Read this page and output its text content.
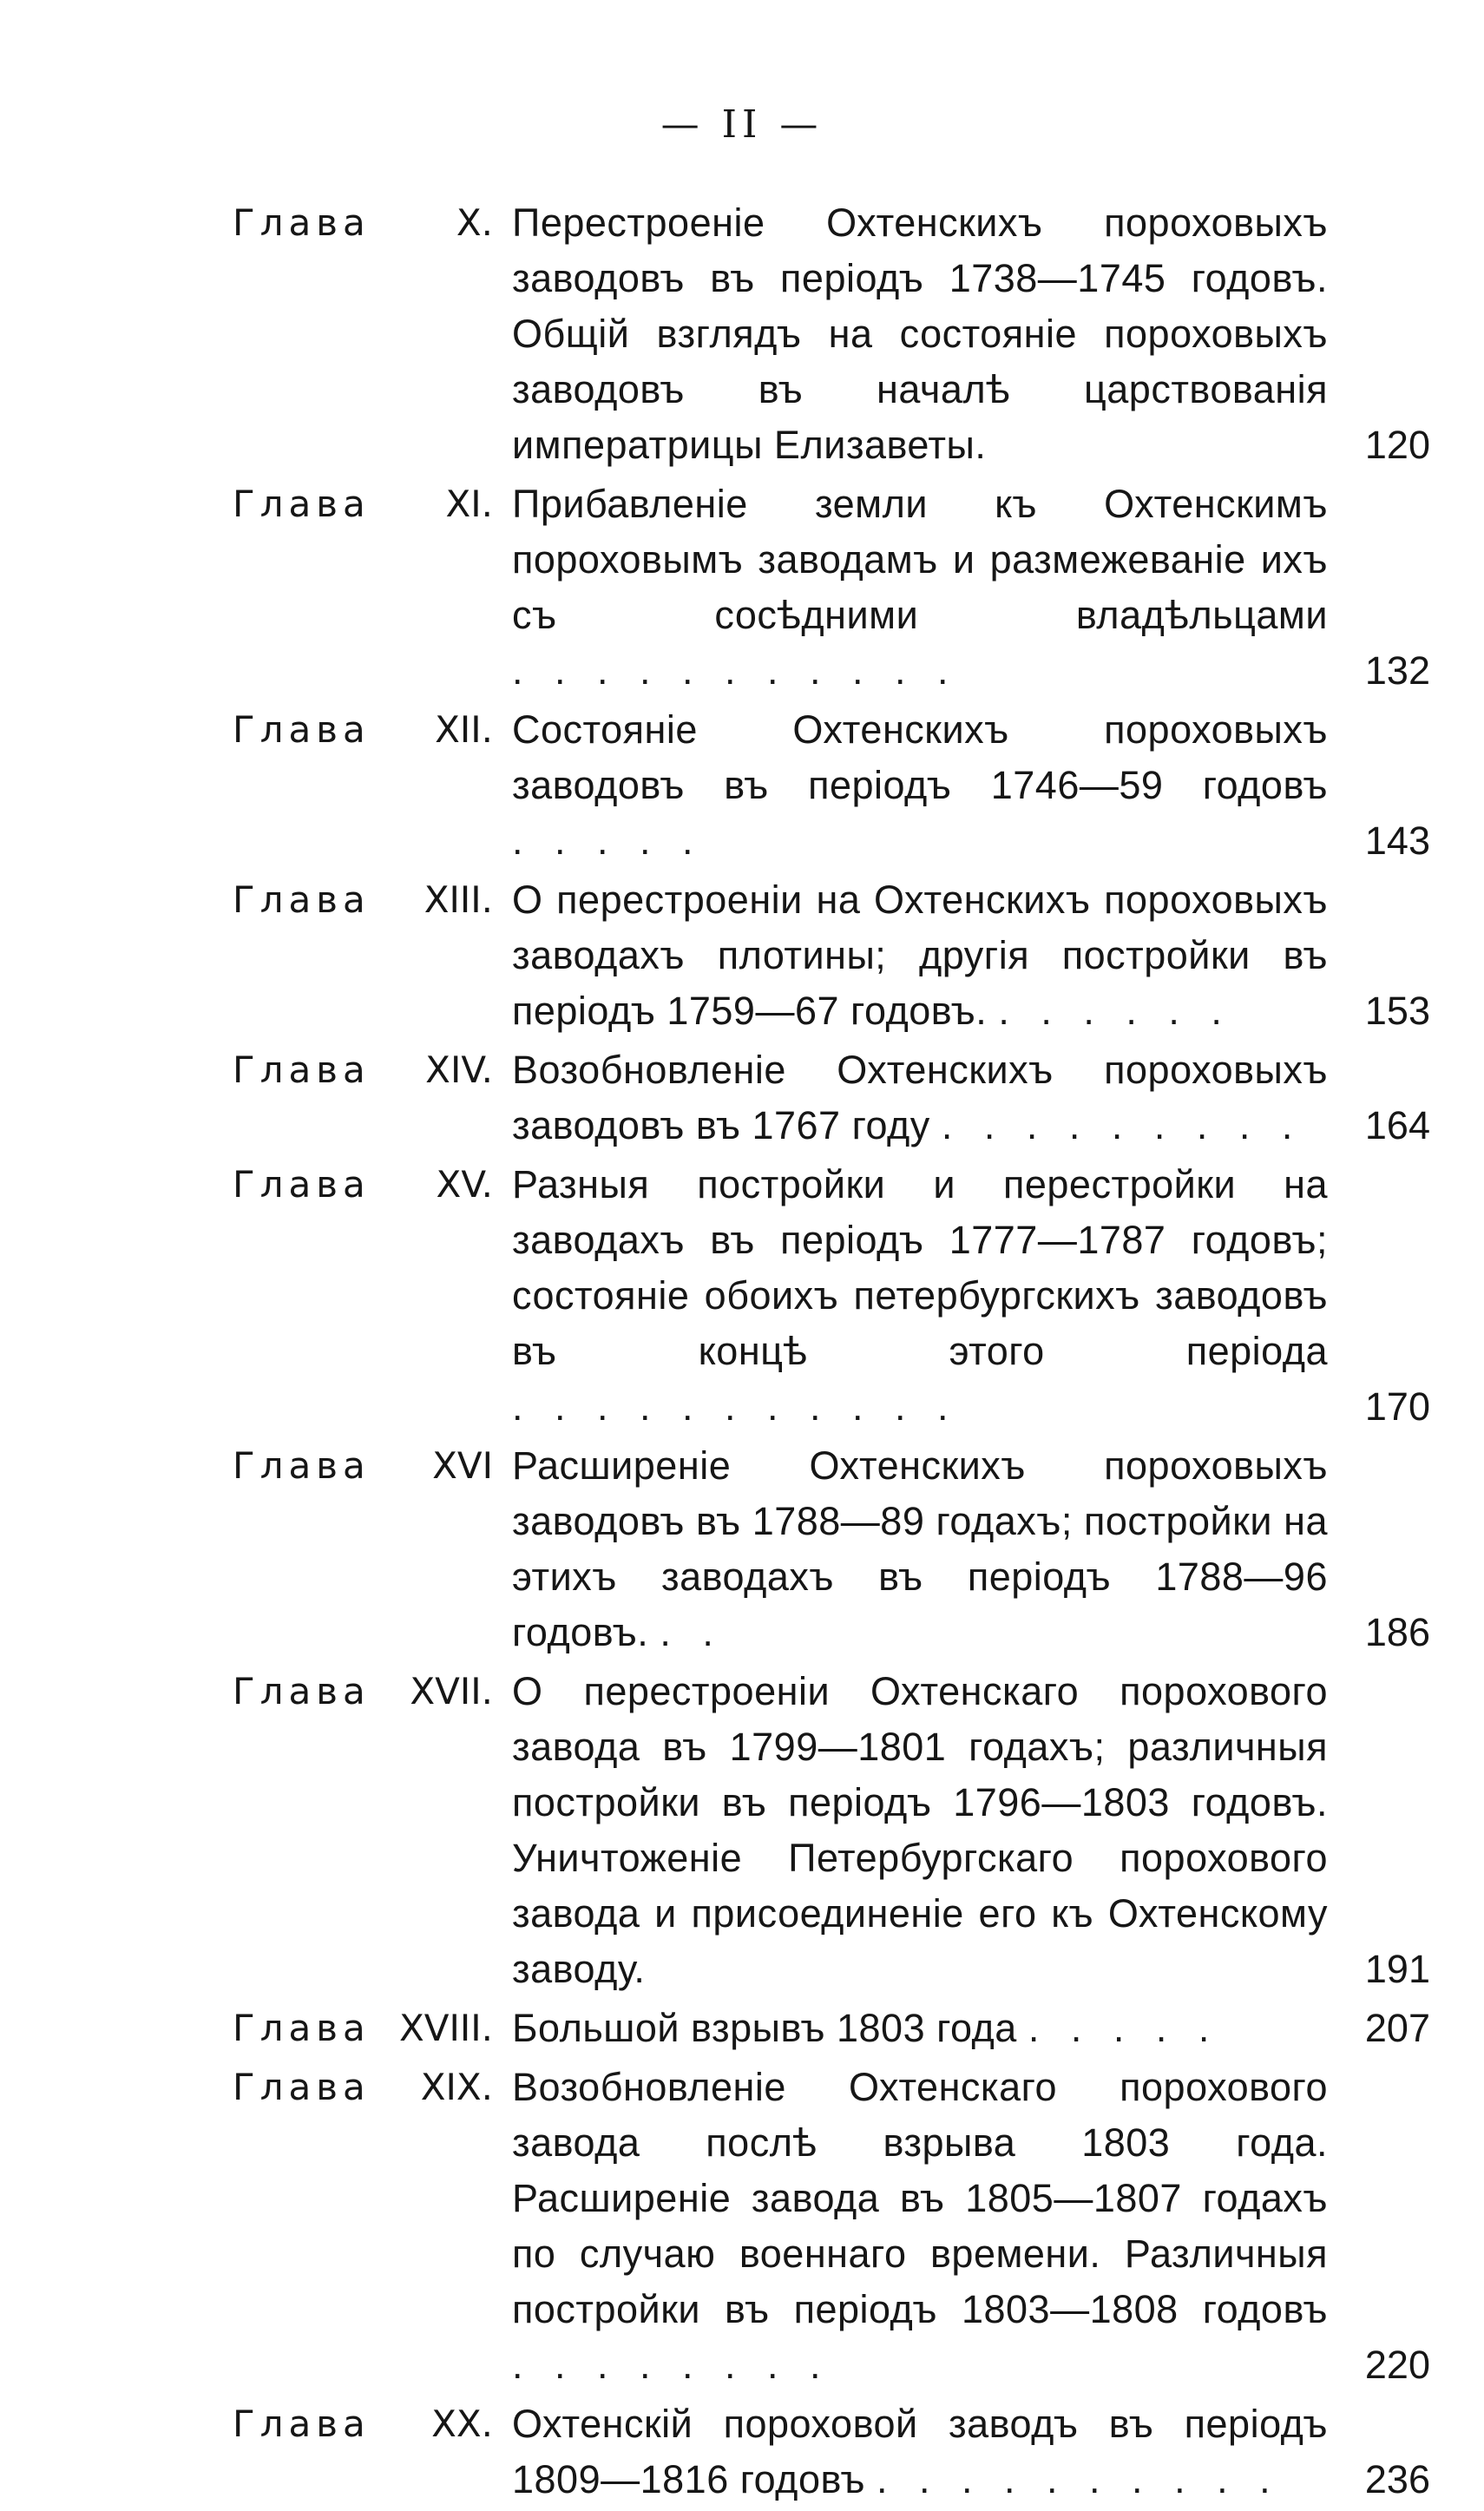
— II —
Глава	X. Перестроеніе Охтенскихъ пороховыхъ заводовъ въ періодъ 1738—1745 годовъ. Общій взглядъ на состояніе пороховыхъ заводовъ въ началѣ царствованія императрицы Елизаветы.	120
Глава	XI. Прибавленіе земли къ Охтенскимъ пороховымъ заводамъ и размежеваніе ихъ съ сосѣдними владѣльцами . . . . . . . . . . .	132
Глава	XII. Состояніе Охтенскихъ пороховыхъ заводовъ въ періодъ 1746—59 годовъ . . . . .	143
Глава	XIII. О перестроеніи на Охтенскихъ пороховыхъ заводахъ плотины; другія постройки въ періодъ 1759—67 годовъ. . . . . . .	153
Глава	XIV. Возобновленіе Охтенскихъ пороховыхъ заводовъ въ 1767 году . . . . . . . . .	164
Глава	XV. Разныя постройки и перестройки на заводахъ въ періодъ 1777—1787 годовъ; состояніе обоихъ петербургскихъ заводовъ въ концѣ этого періода . . . . . . . . . . .	170
Глава	XVI Расширеніе Охтенскихъ пороховыхъ заводовъ въ 1788—89 годахъ; постройки на этихъ заводахъ въ періодъ 1788—96 годовъ. . .	186
Глава	XVII. О перестроеніи Охтенскаго порохового завода въ 1799—1801 годахъ; различныя постройки въ періодъ 1796—1803 годовъ. Уничтоженіе Петербургскаго порохового завода и присоединеніе его къ Охтенскому заводу.	191
Глава XVIII. Большой взрывъ 1803 года . . . . .	207
Глава	XIX. Возобновленіе Охтенскаго порохового завода послѣ взрыва 1803 года. Расширеніе завода въ 1805—1807 годахъ по случаю военнаго времени. Различныя постройки въ періодъ 1803—1808 годовъ . . . . . . . .	220
Глава	XX. Охтенскій пороховой заводъ въ періодъ 1809—1816 годовъ . . . . . . . . . .	236
